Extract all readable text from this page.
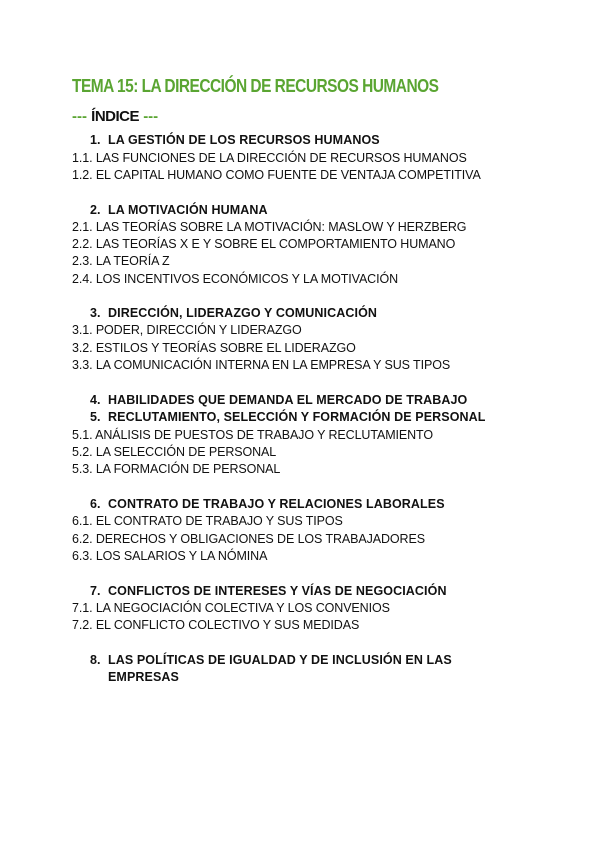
TEMA 15: LA DIRECCIÓN DE RECURSOS HUMANOS
--- ÍNDICE ---
1. LA GESTIÓN DE LOS RECURSOS HUMANOS
1.1. LAS FUNCIONES DE LA DIRECCIÓN DE RECURSOS HUMANOS
1.2. EL CAPITAL HUMANO COMO FUENTE DE VENTAJA COMPETITIVA
2. LA MOTIVACIÓN HUMANA
2.1. LAS TEORÍAS SOBRE LA MOTIVACIÓN: MASLOW Y HERZBERG
2.2. LAS TEORÍAS X E Y SOBRE EL COMPORTAMIENTO HUMANO
2.3. LA TEORÍA Z
2.4. LOS INCENTIVOS ECONÓMICOS Y LA MOTIVACIÓN
3. DIRECCIÓN, LIDERAZGO Y COMUNICACIÓN
3.1. PODER, DIRECCIÓN Y LIDERAZGO
3.2. ESTILOS Y TEORÍAS SOBRE EL LIDERAZGO
3.3. LA COMUNICACIÓN INTERNA EN LA EMPRESA Y SUS TIPOS
4. HABILIDADES QUE DEMANDA EL MERCADO DE TRABAJO
5. RECLUTAMIENTO, SELECCIÓN Y FORMACIÓN DE PERSONAL
5.1. ANÁLISIS DE PUESTOS DE TRABAJO Y RECLUTAMIENTO
5.2. LA SELECCIÓN DE PERSONAL
5.3. LA FORMACIÓN DE PERSONAL
6. CONTRATO DE TRABAJO Y RELACIONES LABORALES
6.1. EL CONTRATO DE TRABAJO Y SUS TIPOS
6.2. DERECHOS Y OBLIGACIONES DE LOS TRABAJADORES
6.3. LOS SALARIOS Y LA NÓMINA
7. CONFLICTOS DE INTERESES Y VÍAS DE NEGOCIACIÓN
7.1. LA NEGOCIACIÓN COLECTIVA Y LOS CONVENIOS
7.2. EL CONFLICTO COLECTIVO Y SUS MEDIDAS
8. LAS POLÍTICAS DE IGUALDAD Y DE INCLUSIÓN EN LAS
EMPRESAS
